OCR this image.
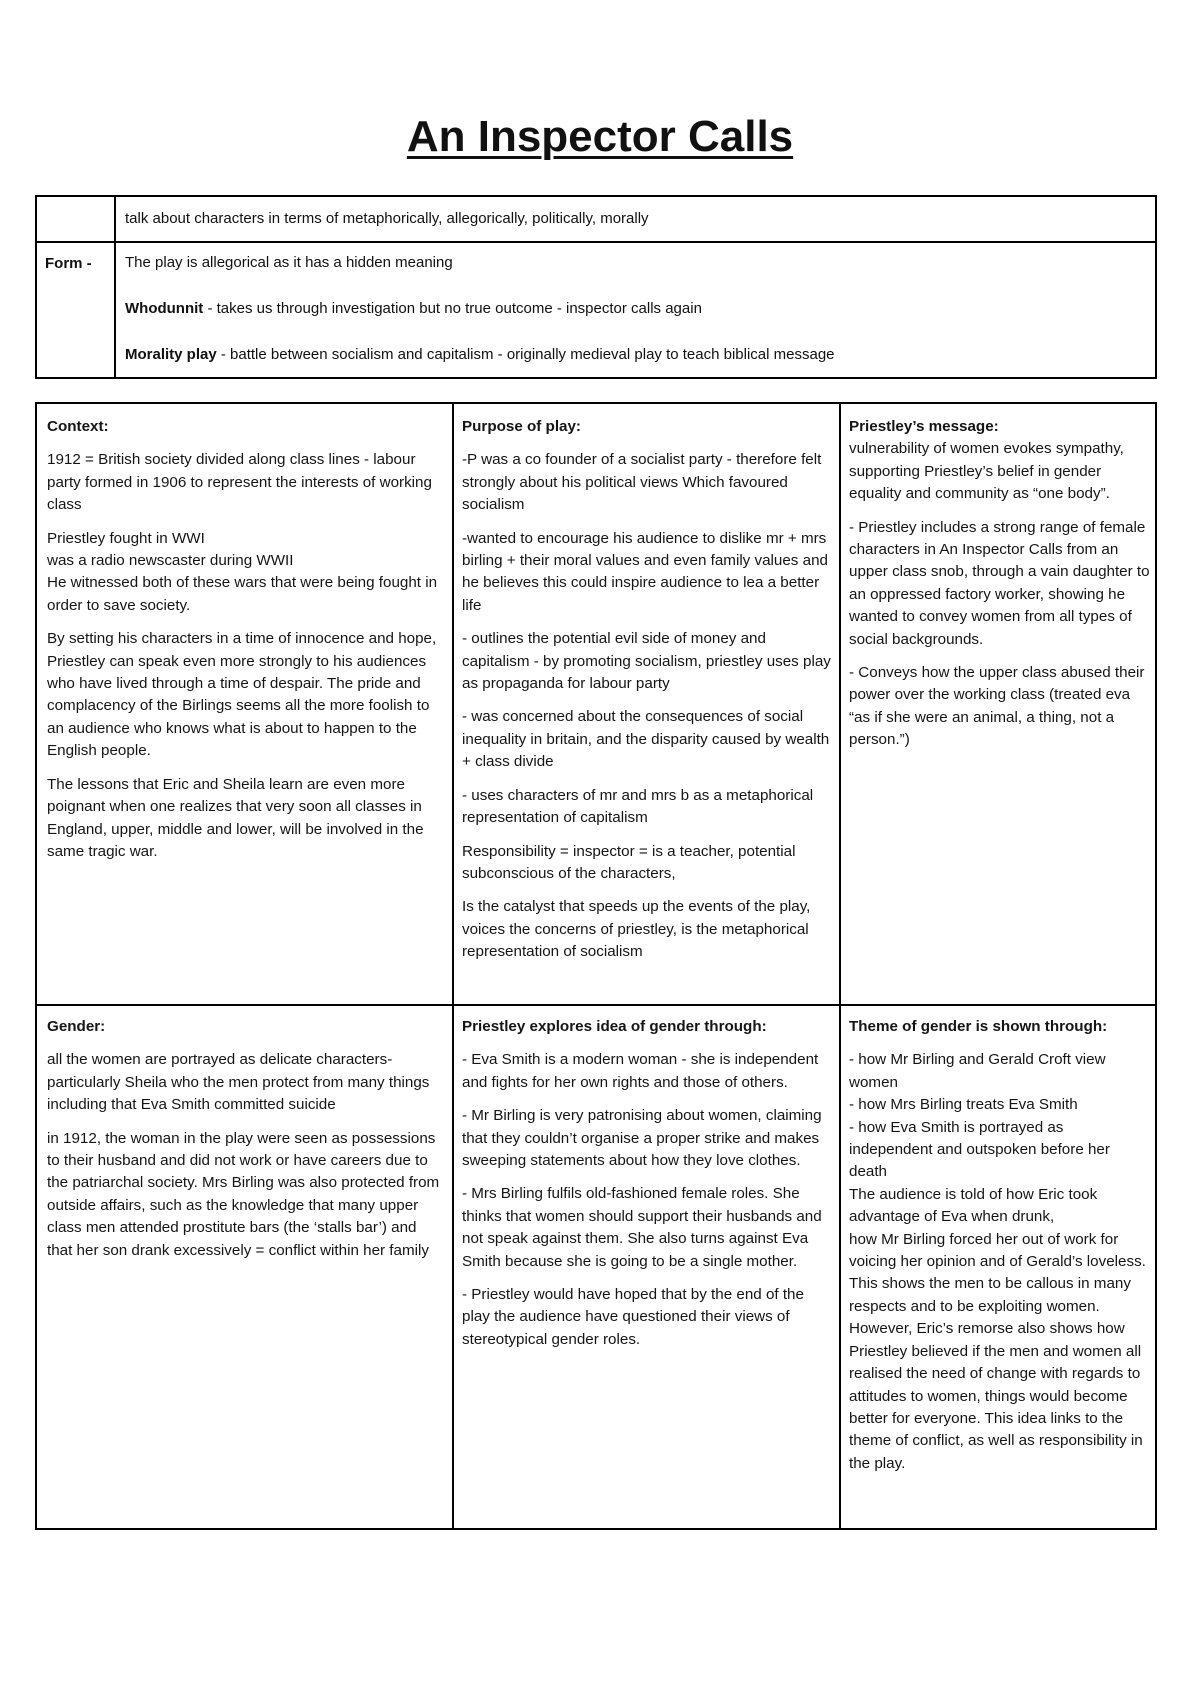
An Inspector Calls
talk about characters in terms of metaphorically, allegorically, politically, morally
Form - The play is allegorical as it has a hidden meaning

Whodunnit - takes us through investigation but no true outcome - inspector calls again

Morality play - battle between socialism and capitalism - originally medieval play to teach biblical message

Context:

1912 = British society divided along class lines - labour party formed in 1906 to represent the interests of working class

Priestley fought in WWI

was a radio newscaster during WWII

He witnessed both of these wars that were being fought in order to save society.

By setting his characters in a time of innocence and hope, Priestley can speak even more strongly to his audiences who have lived through a time of despair. The pride and complacency of the Birlings seems all the more foolish to an audience who knows what is about to happen to the English people.

The lessons that Eric and Sheila learn are even more poignant when one realizes that very soon all classes in England, upper, middle and lower, will be involved in the same tragic war.

Purpose of play:

-P was a co founder of a socialist party - therefore felt strongly about his political views Which favoured socialism

-wanted to encourage his audience to dislike mr + mrs birling + their moral values and even family values and he believes this could inspire audience to lea a better life

- outlines the potential evil side of money and capitalism - by promoting socialism, priestley uses play as propaganda for labour party

- was concerned about the consequences of social inequality in britain, and the disparity caused by wealth + class divide

- uses characters of mr and mrs b as a metaphorical representation of capitalism

Responsibility = inspector = is a teacher, potential subconscious of the characters,

Is the catalyst that speeds up the events of the play, voices the concerns of priestley, is the metaphorical representation of socialism

Priestley’s message:

vulnerability of women evokes sympathy, supporting Priestley’s belief in gender equality and community as “one body”.

- Priestley includes a strong range of female characters in An Inspector Calls from an upper class snob, through a vain daughter to an oppressed factory worker, showing he wanted to convey women from all types of social backgrounds.

- Conveys how the upper class abused their power over the working class (treated eva “as if she were an animal, a thing, not a person.”)

Gender:

all the women are portrayed as delicate characters- particularly Sheila who the men protect from many things including that Eva Smith committed suicide

in 1912, the woman in the play were seen as possessions to their husband and did not work or have careers due to the patriarchal society. Mrs Birling was also protected from outside affairs, such as the knowledge that many upper class men attended prostitute bars (the ‘stalls bar’) and that her son drank excessively = conflict within her family

Priestley explores idea of gender through:

- Eva Smith is a modern woman - she is independent and fights for her own rights and those of others.

- Mr Birling is very patronising about women, claiming that they couldn’t organise a proper strike and makes sweeping statements about how they love clothes.

- Mrs Birling fulfils old-fashioned female roles. She thinks that women should support their husbands and not speak against them. She also turns against Eva Smith because she is going to be a single mother.

- Priestley would have hoped that by the end of the play the audience have questioned their views of stereotypical gender roles.

Theme of gender is shown through:

- how Mr Birling and Gerald Croft view women

- how Mrs Birling treats Eva Smith

- how Eva Smith is portrayed as independent and outspoken before her death

The audience is told of how Eric took advantage of Eva when drunk,

how Mr Birling forced her out of work for voicing her opinion and of Gerald’s loveless.

This shows the men to be callous in many respects and to be exploiting women. However, Eric’s remorse also shows how Priestley believed if the men and women all realised the need of change with regards to attitudes to women, things would become better for everyone. This idea links to the theme of conflict, as well as responsibility in the play.
